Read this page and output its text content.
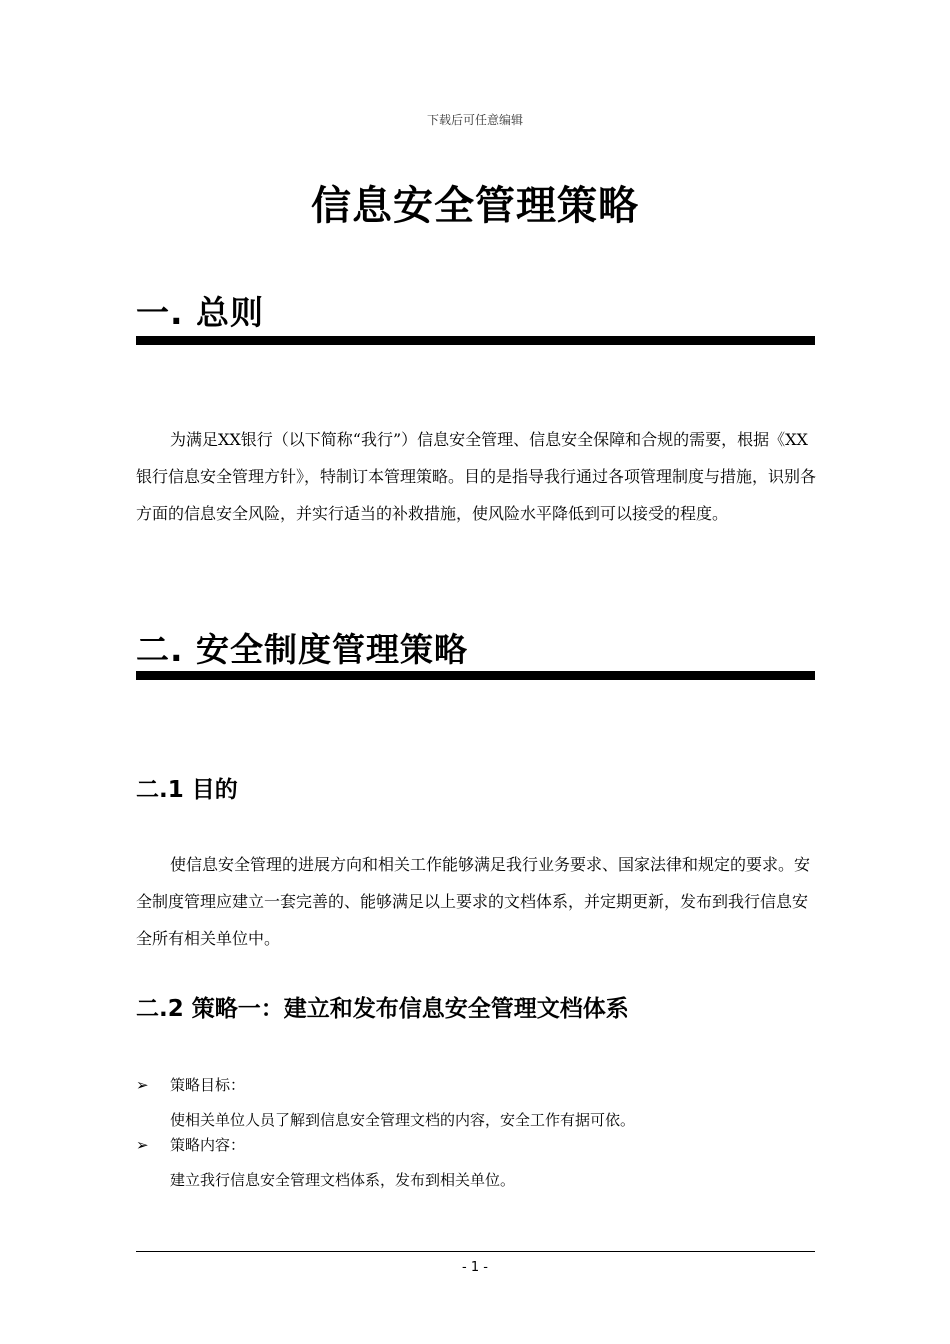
下载后可任意编辑
信息安全管理策略
一. 总则

为满足XX银行（以下简称“我行”）信息安全管理、信息安全保障和合规的需要，根据《XX银行信息安全管理方针》，特制订本管理策略。目的是指导我行通过各项管理制度与措施，识别各方面的信息安全风险，并实行适当的补救措施，使风险水平降低到可以接受的程度。

二. 安全制度管理策略
二.1 目的

使信息安全管理的进展方向和相关工作能够满足我行业务要求、国家法律和规定的要求。安全制度管理应建立一套完善的、能够满足以上要求的文档体系，并定期更新，发布到我行信息安全所有相关单位中。

二.2 策略一：建立和发布信息安全管理文档体系
➢ 策略目标：
使相关单位人员了解到信息安全管理文档的内容，安全工作有据可依。
➢ 策略内容：
建立我行信息安全管理文档体系，发布到相关单位。
- 1 -
